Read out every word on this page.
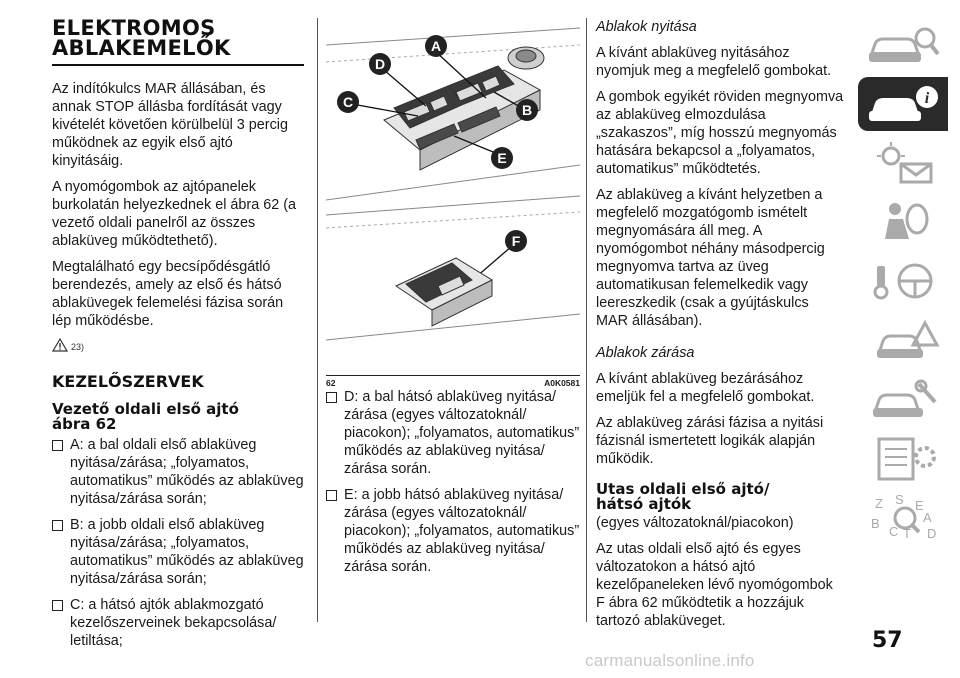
ELEKTROMOS
ABLAKEMELŐK

Az indítókulcs MAR állásában, és annak STOP állásba fordítását vagy kivételét követően körülbelül 3 percig működnek az egyik első ajtó kinyitásáig.

A nyomógombok az ajtópanelek burkolatán helyezkednek el ábra 62 (a vezető oldali panelről az összes ablaküveg működtethető).

Megtalálható egy becsípődésgátló berendezés, amely az első és hátsó ablaküvegek felemelési fázisa során lép működésbe.

23)
KEZELŐSZERVEK
Vezető oldali első ajtó
ábra 62
A: a bal oldali első ablaküveg nyitása/zárása; „folyamatos, automatikus” működés az ablaküveg nyitása/zárása során;
B: a jobb oldali első ablaküveg nyitása/zárása; „folyamatos, automatikus” működés az ablaküveg nyitása/zárása során;
C: a hátsó ajtók ablakmozgató kezelőszerveinek bekapcsolása/ letiltása;
A
D
C	B
E
F
62	A0K0581
D: a bal hátsó ablaküveg nyitása/ zárása (egyes változatoknál/ piacokon); „folyamatos, automatikus” működés az ablaküveg nyitása/ zárása során.
E: a jobb hátsó ablaküveg nyitása/ zárása (egyes változatoknál/ piacokon); „folyamatos, automatikus” működés az ablaküveg nyitása/ zárása során.

Ablakok nyitása

A kívánt ablaküveg nyitásához nyomjuk meg a megfelelő gombokat.

A gombok egyikét röviden megnyomva az ablaküveg elmozdulása „szakaszos”, míg hosszú megnyomás hatására bekapcsol a „folyamatos, automatikus” működtetés.

Az ablaküveg a kívánt helyzetben a megfelelő mozgatógomb ismételt megnyomására áll meg. A nyomógombot néhány másodpercig megnyomva tartva az üveg automatikusan felemelkedik vagy leereszkedik (csak a gyújtáskulcs MAR állásában).

Ablakok zárása

A kívánt ablaküveg bezárásához emeljük fel a megfelelő gombokat.

Az ablaküveg zárási fázisa a nyitási fázisnál ismertetett logikák alapján működik.

Utas oldali első ajtó/
hátsó ajtók

(egyes változatoknál/piacokon)

Az utas oldali első ajtó és egyes változatokon a hátsó ajtó kezelőpaneleken lévő nyomógombok F ábra 62 működtetik a hozzájuk tartozó ablaküveget.

i
Z S E
A
B
C T D
57
carmanualsonline.info
